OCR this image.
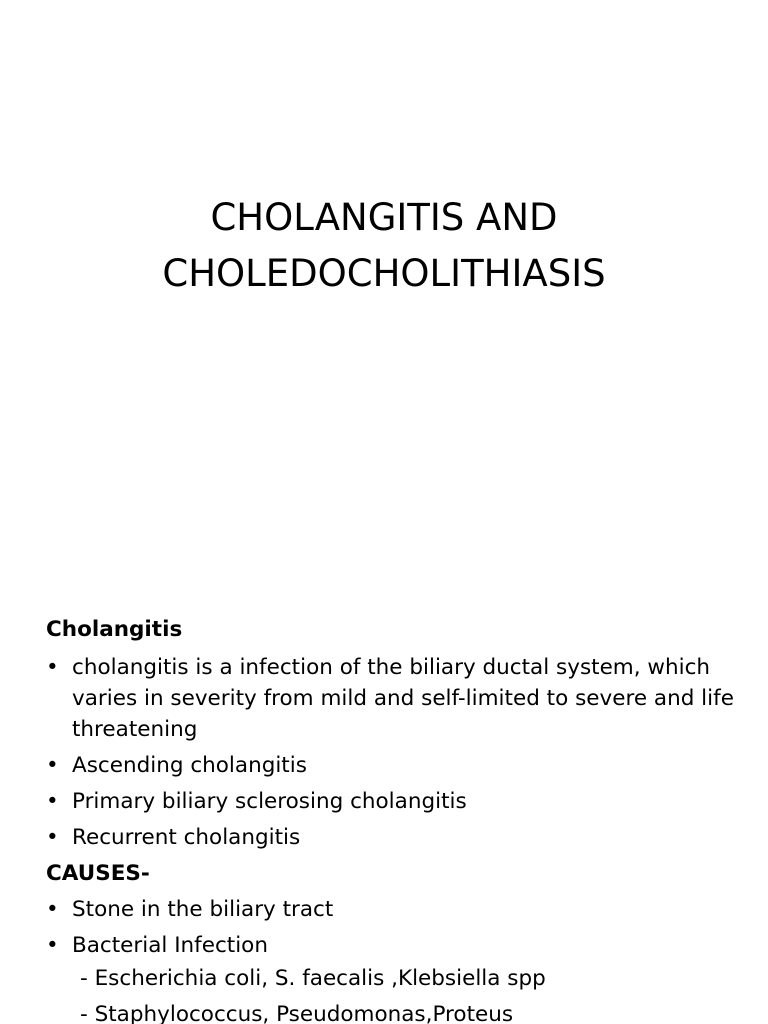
CHOLANGITIS AND
CHOLEDOCHOLITHIASIS
Cholangitis
• cholangitis is a infection of the biliary ductal system, which varies in severity from mild and self-limited to severe and life threatening
• Ascending cholangitis
• Primary biliary sclerosing cholangitis
• Recurrent cholangitis
CAUSES-
• Stone in the biliary tract
• Bacterial Infection
- Escherichia coli, S. faecalis ,Klebsiella spp
- Staphylococcus, Pseudomonas,Proteus
